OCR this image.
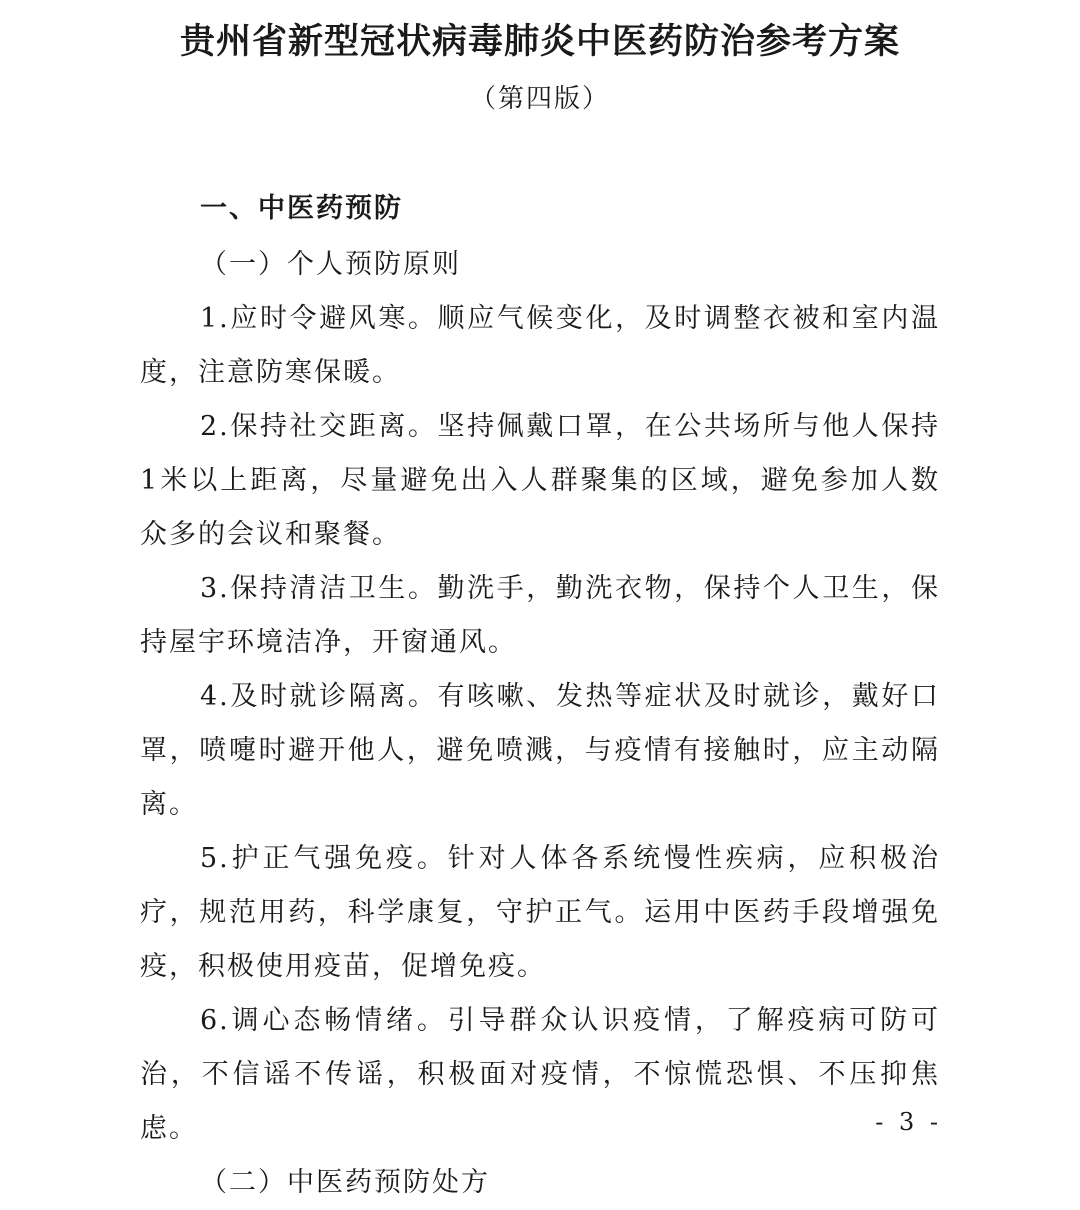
贵州省新型冠状病毒肺炎中医药防治参考方案
（第四版）

一、中医药预防

（一）个人预防原则

1.应时令避风寒。顺应气候变化，及时调整衣被和室内温度，注意防寒保暖。

2.保持社交距离。坚持佩戴口罩，在公共场所与他人保持1米以上距离，尽量避免出入人群聚集的区域，避免参加人数众多的会议和聚餐。

3.保持清洁卫生。勤洗手，勤洗衣物，保持个人卫生，保持屋宇环境洁净，开窗通风。

4.及时就诊隔离。有咳嗽、发热等症状及时就诊，戴好口罩，喷嚏时避开他人，避免喷溅，与疫情有接触时，应主动隔离。

5.护正气强免疫。针对人体各系统慢性疾病，应积极治疗，规范用药，科学康复，守护正气。运用中医药手段增强免疫，积极使用疫苗，促增免疫。

6.调心态畅情绪。引导群众认识疫情，了解疫病可防可治，不信谣不传谣，积极面对疫情，不惊慌恐惧、不压抑焦虑。

（二）中医药预防处方

- 3 -
